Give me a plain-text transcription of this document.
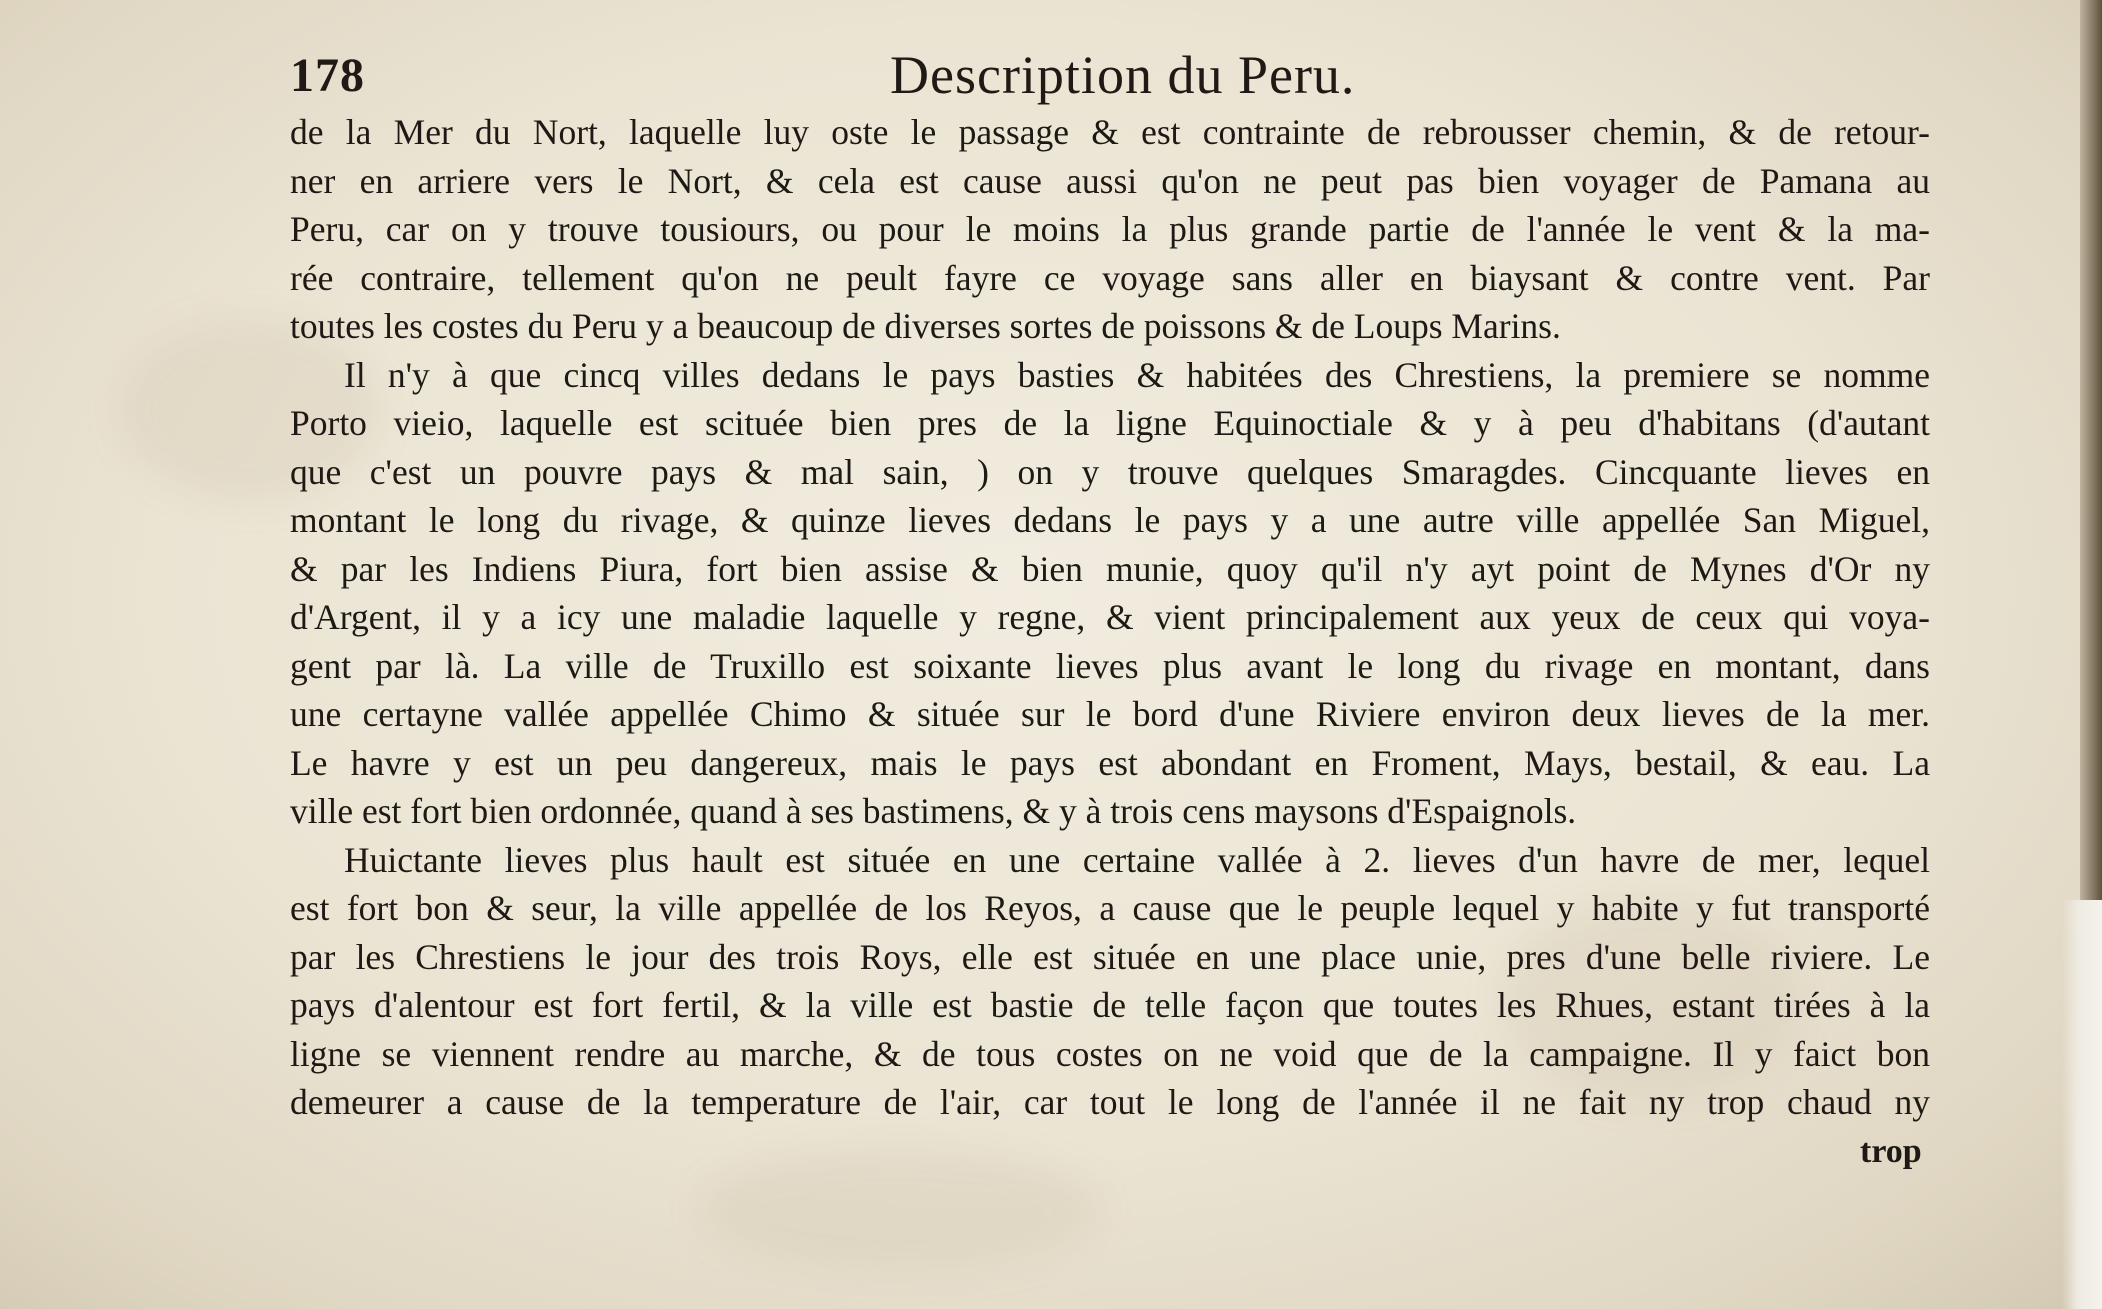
178	Description du Peru.
de la Mer du Nort, laquelle luy oste le passage & est contrainte de rebrousser chemin, & de retour-
ner en arriere vers le Nort, & cela est cause aussi qu'on ne peut pas bien voyager de Pamana au
Peru, car on y trouve tousiours, ou pour le moins la plus grande partie de l'année le vent & la ma-
rée contraire, tellement qu'on ne peult fayre ce voyage sans aller en biaysant & contre vent. Par
toutes les costes du Peru y a beaucoup de diverses sortes de poissons & de Loups Marins.
Il n'y à que cincq villes dedans le pays basties & habitées des Chrestiens, la premiere se nomme
Porto vieio, laquelle est scituée bien pres de la ligne Equinoctiale & y à peu d'habitans (d'autant
que c'est un pouvre pays & mal sain, ) on y trouve quelques Smaragdes. Cincquante lieves en
montant le long du rivage, & quinze lieves dedans le pays y a une autre ville appellée San Miguel,
& par les Indiens Piura, fort bien assise & bien munie, quoy qu'il n'y ayt point de Mynes d'Or ny
d'Argent, il y a icy une maladie laquelle y regne, & vient principalement aux yeux de ceux qui voya-
gent par là. La ville de Truxillo est soixante lieves plus avant le long du rivage en montant, dans
une certayne vallée appellée Chimo & située sur le bord d'une Riviere environ deux lieves de la mer.
Le havre y est un peu dangereux, mais le pays est abondant en Froment, Mays, bestail, & eau. La
ville est fort bien ordonnée, quand à ses bastimens, & y à trois cens maysons d'Espaignols.
Huictante lieves plus hault est située en une certaine vallée à 2. lieves d'un havre de mer, lequel
est fort bon & seur, la ville appellée de los Reyos, a cause que le peuple lequel y habite y fut transporté
par les Chrestiens le jour des trois Roys, elle est située en une place unie, pres d'une belle riviere. Le
pays d'alentour est fort fertil, & la ville est bastie de telle façon que toutes les Rhues, estant tirées à la
ligne se viennent rendre au marche, & de tous costes on ne void que de la campaigne. Il y faict bon
demeurer a cause de la temperature de l'air, car tout le long de l'année il ne fait ny trop chaud ny
trop
